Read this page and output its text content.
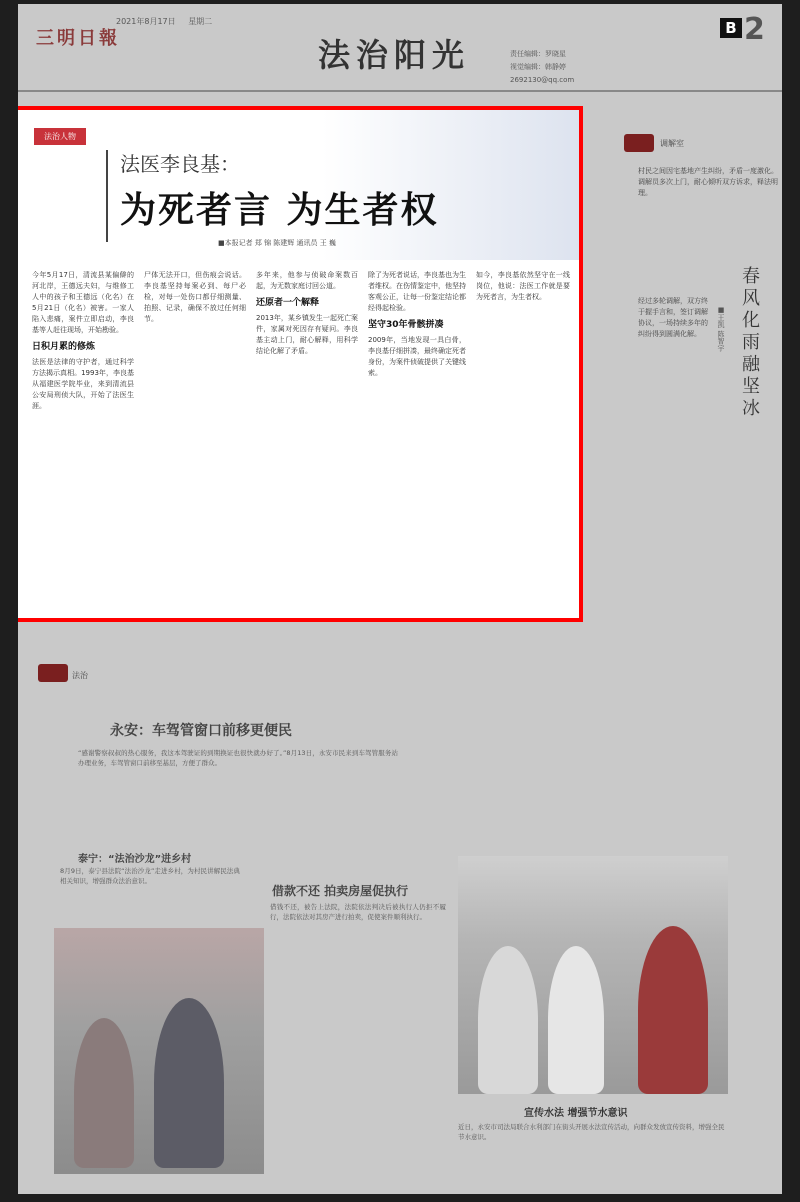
三明日報
2021年8月17日 星期二
法治阳光	责任编辑：罗晓星
视觉编辑：韩静婷
2692130@qq.com
B 2
法治人物
法医李良基：
为死者言 为生者权
■本报记者 郑 锦 陈建辉 通讯员 王 巍
今年5月17日，清流县某偏僻的河北岸，王德远夫妇，与维修工人中的孩子和王德远（化名）在5月21日（化名）被害。一家人陷入悲痛，案件立即启动，李良基等人赶往现场，开始勘验。
日积月累的修炼
法医是法律的守护者，通过科学方法揭示真相。1993年，李良基从福建医学院毕业，来到清流县公安局刑侦大队，开始了法医生涯。
尸体无法开口，但伤痕会说话。李良基坚持每案必到、每尸必检，对每一处伤口都仔细测量、拍照、记录，确保不放过任何细节。
多年来，他参与侦破命案数百起，为无数家庭讨回公道。
还原者一个解释
2013年，某乡镇发生一起死亡案件，家属对死因存有疑问。李良基主动上门，耐心解释，用科学结论化解了矛盾。
除了为死者说话，李良基也为生者维权。在伤情鉴定中，他坚持客观公正，让每一份鉴定结论都经得起检验。
坚守30年骨骸拼凑
2009年，当地发现一具白骨，李良基仔细拼凑，最终确定死者身份，为案件侦破提供了关键线索。
如今，李良基依然坚守在一线岗位，他说：法医工作就是要为死者言，为生者权。
调解室
村民之间因宅基地产生纠纷，矛盾一度激化。调解员多次上门，耐心倾听双方诉求，释法明理。
春风化雨融坚冰
■王凯 陈智宇
经过多轮调解，双方终于握手言和，签订调解协议，一场持续多年的纠纷得到圆满化解。
法治
永安：车驾管窗口前移更便民
“感谢警察叔叔的热心服务，我这本驾驶证的到期换证也很快就办好了。”8月13日，永安市民来到车驾管服务站办理业务，车驾管窗口前移至基层，方便了群众。
泰宁：“法治沙龙”进乡村
8月9日，泰宁县法院“法治沙龙”走进乡村，为村民讲解民法典相关知识，增强群众法治意识。
借款不还 拍卖房屋促执行
借钱不还，被告上法院，法院依法判决后被执行人仍拒不履行，法院依法对其房产进行拍卖，促使案件顺利执行。
宣传水法 增强节水意识
近日，永安市司法局联合水利部门在街头开展水法宣传活动，向群众发放宣传资料，增强全民节水意识。
